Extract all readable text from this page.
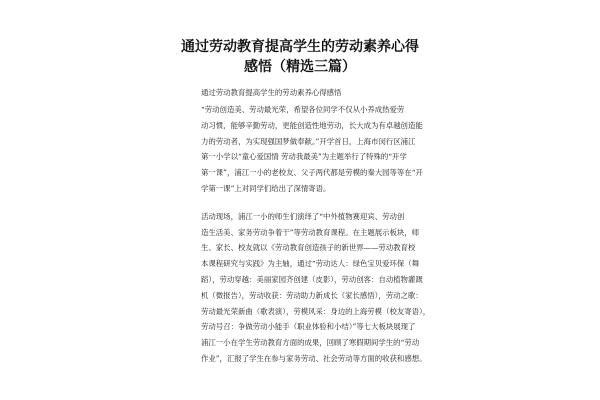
通过劳动教育提高学生的劳动素养心得
感悟（精选三篇）
通过劳动教育提高学生的劳动素养心得感悟
“劳动创造美、劳动最光荣，希望各位同学不仅从小养成热爱劳
动习惯，能够辛勤劳动，更能创造性地劳动，长大成为有卓越创造能
力的劳动者，为实现强国梦做奉献。”开学首日，上海市闵行区浦江
第一小学以“童心爱国情 劳动我最美”为主题举行了特殊的“开学
第一课”，浦江一小的老校友、父子两代都是劳模的秦大园等等在“开
学第一课”上对同学们给出了深情寄语。
活动现场，浦江一小的师生们演绎了“中外植物赛迎宾、劳动创
造生活美、家务劳动争着干”等劳动教育课程。在主题展示板块，师
生、家长、校友就以《劳动教育创造孩子的新世界——劳动教育校
本课程研究与实践》为主轴，通过“劳动达人：绿色宝贝爱环保（舞
蹈），劳动穿越：美丽家园齐创建（皮影），劳动创客：自动植物灌溉
机（微报告），劳动收获：劳动助力新成长（家长感悟），劳动之歌：
劳动最光荣新曲（歌表演），劳模风采：身边的上海劳模（校友寄语），
劳动号召：争做劳动小能手（职业体验和小结）”等七大板块展现了
浦江一小在学生劳动教育方面的成果，回顾了寒假期间学生的“劳动
作业”，汇报了学生在参与家务劳动、社会劳动等方面的收获和感想。
